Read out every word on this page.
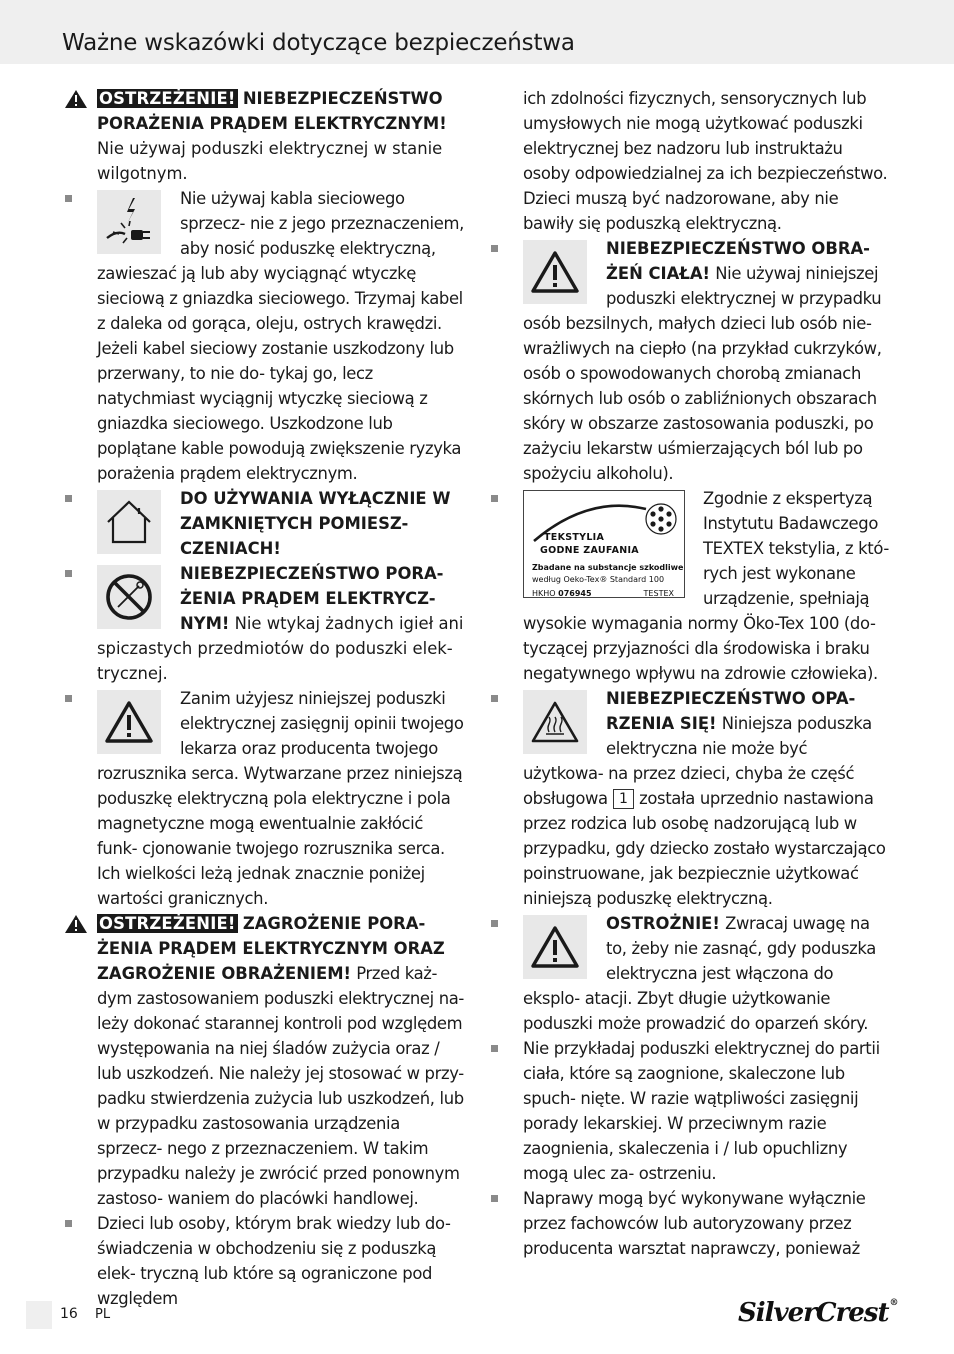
Ważne wskazówki dotyczące bezpieczeństwa

OSTRZEŻENIE! NIEBEZPIECZEŃSTWO PORAŻENIA PRĄDEM ELEKTRYCZNYM! Nie używaj poduszki elektrycznej w stanie wilgotnym.

Nie używaj kabla sieciowego sprzecz- nie z jego przeznaczeniem, aby nosić poduszkę elektryczną, zawieszać ją lub aby wyciągnąć wtyczkę sieciową z gniazdka sieciowego. Trzymaj kabel z daleka od gorąca, oleju, ostrych krawędzi. Jeżeli kabel sieciowy zostanie uszkodzony lub przerwany, to nie do- tykaj go, lecz natychmiast wyciągnij wtyczkę sieciową z gniazdka sieciowego. Uszkodzone lub poplątane kable powodują zwiększenie ryzyka porażenia prądem elektrycznym.

DO UŻYWANIA WYŁĄCZNIE W ZAMKNIĘTYCH POMIESZ- CZENIACH!

NIEBEZPIECZEŃSTWO PORA- ŻENIA PRĄDEM ELEKTRYCZ- NYM! Nie wtykaj żadnych igieł ani spiczastych przedmiotów do poduszki elek- trycznej.

Zanim użyjesz niniejszej poduszki elektrycznej zasięgnij opinii twojego lekarza oraz producenta twojego rozrusznika serca. Wytwarzane przez niniejszą poduszkę elektryczną pola elektryczne i pola magnetyczne mogą ewentualnie zakłócić funk- cjonowanie twojego rozrusznika serca. Ich wielkości leżą jednak znacznie poniżej wartości granicznych.

OSTRZEŻENIE! ZAGROŻENIE PORA- ŻENIA PRĄDEM ELEKTRYCZNYM ORAZ ZAGROŻENIE OBRAŻENIEM! Przed każ- dym zastosowaniem poduszki elektrycznej na- leży dokonać starannej kontroli pod względem występowania na niej śladów zużycia oraz / lub uszkodzeń. Nie należy jej stosować w przy- padku stwierdzenia zużycia lub uszkodzeń, lub w przypadku zastosowania urządzenia sprzecz- nego z przeznaczeniem. W takim przypadku należy je zwrócić przed ponownym zastoso- waniem do placówki handlowej.

Dzieci lub osoby, którym brak wiedzy lub do- świadczenia w obchodzeniu się z poduszką elek- tryczną lub które są ograniczone pod względem

ich zdolności fizycznych, sensorycznych lub umysłowych nie mogą użytkować poduszki elektrycznej bez nadzoru lub instruktażu osoby odpowiedzialnej za ich bezpieczeństwo. Dzieci muszą być nadzorowane, aby nie bawiły się poduszką elektryczną.

NIEBEZPIECZEŃSTWO OBRA- ŻEŃ CIAŁA! Nie używaj niniejszej poduszki elektrycznej w przypadku osób bezsilnych, małych dzieci lub osób nie- wrażliwych na ciepło (na przykład cukrzyków, osób o spowodowanych chorobą zmianach skórnych lub osób o zabliźnionych obszarach skóry w obszarze zastosowania poduszki, po zażyciu lekarstw uśmierzających ból lub po spożyciu alkoholu).

TEKSTYLIA
GODNE ZAUFANIA
Zbadane na substancje szkodliwe
według Oeko-Tex® Standard 100
HKHO 076945	TESTEX
Zgodnie z ekspertyzą Instytutu Badawczego TEXTEX tekstylia, z któ- rych jest wykonane urządzenie, spełniają wysokie wymagania normy Öko-Tex 100 (do- tyczącej przyjazności dla środowiska i braku negatywnego wpływu na zdrowie człowieka).

NIEBEZPIECZEŃSTWO OPA- RZENIA SIĘ! Niniejsza poduszka elektryczna nie może być użytkowa- na przez dzieci, chyba że część obsługowa 1 została uprzednio nastawiona przez rodzica lub osobę nadzorującą lub w przypadku, gdy dziecko zostało wystarczająco poinstruowane, jak bezpiecznie użytkować niniejszą poduszkę elektryczną.

OSTROŻNIE! Zwracaj uwagę na to, żeby nie zasnąć, gdy poduszka elektryczna jest włączona do eksplo- atacji. Zbyt długie użytkowanie poduszki może prowadzić do oparzeń skóry.

Nie przykładaj poduszki elektrycznej do partii ciała, które są zaognione, skaleczone lub spuch- nięte. W razie wątpliwości zasięgnij porady lekarskiej. W przeciwnym razie zaognienia, skaleczenia i / lub opuchlizny mogą ulec za- ostrzeniu.

Naprawy mogą być wykonywane wyłącznie przez fachowców lub autoryzowany przez producenta warsztat naprawczy, ponieważ

16 PL	SilverCrest®
